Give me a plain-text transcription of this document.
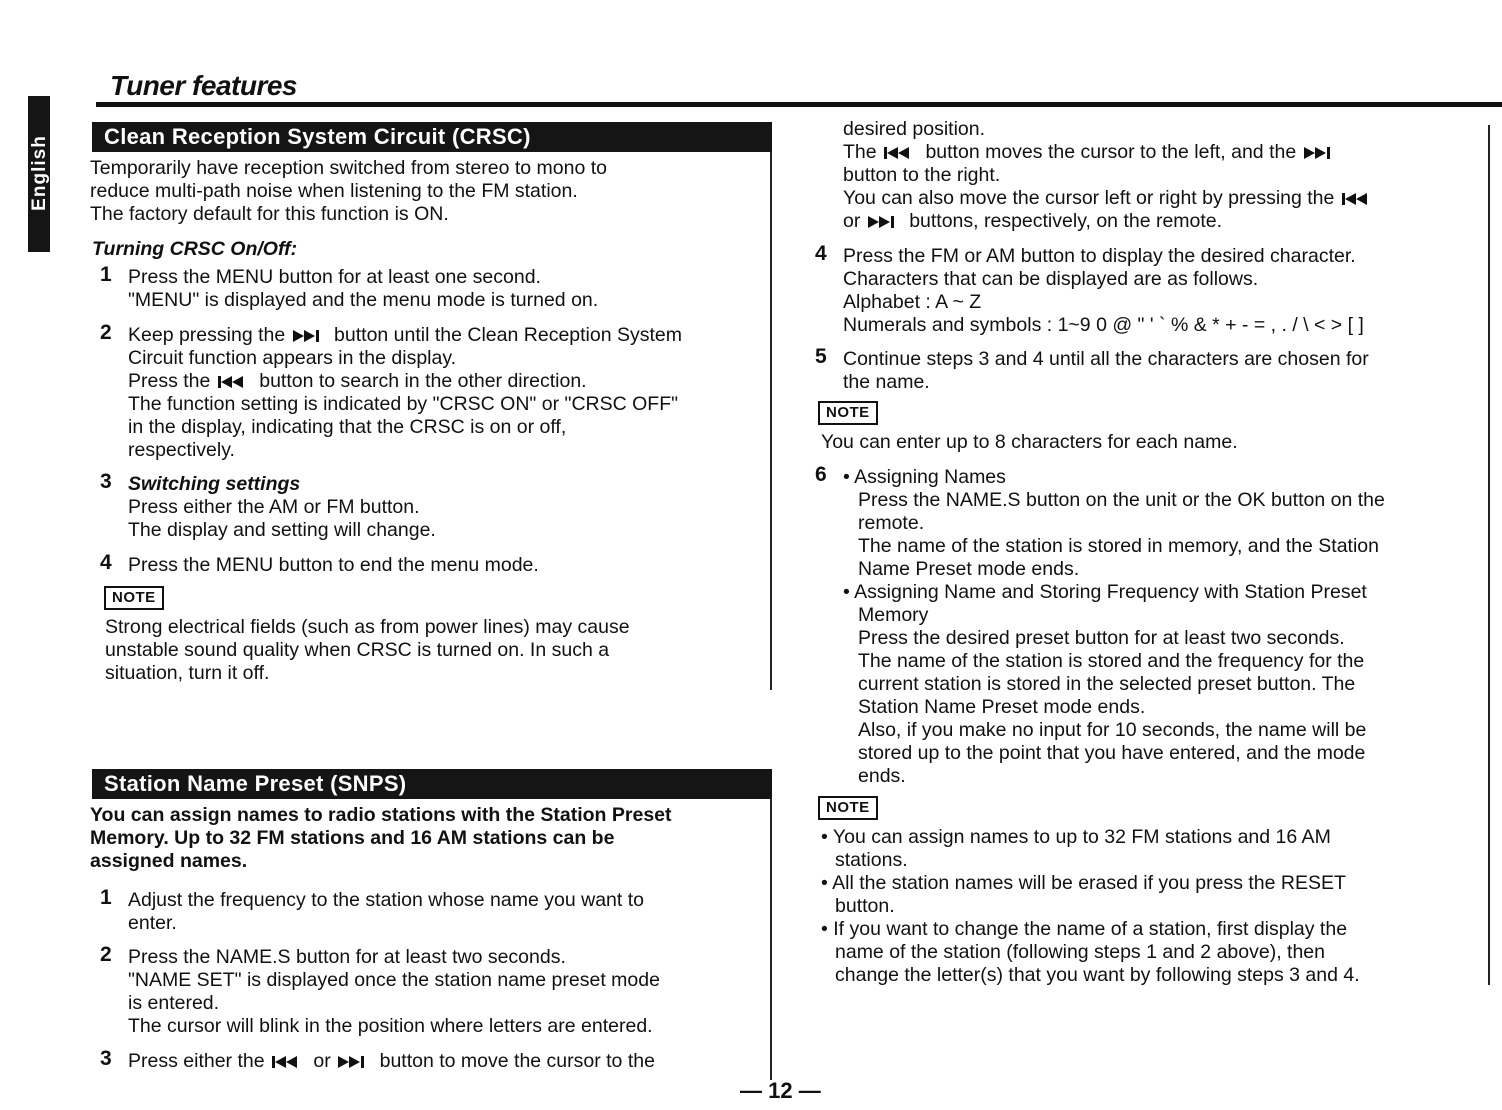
English
Tuner features
Clean Reception System Circuit (CRSC)
Temporarily have reception switched from stereo to mono to
reduce multi-path noise when listening to the FM station.
The factory default for this function is ON.
Turning CRSC On/Off:
1 Press the MENU button for at least one second.
"MENU" is displayed and the menu mode is turned on.
2 Keep pressing the	button until the Clean Reception System
Circuit function appears in the display.
Press the	button to search in the other direction.
The function setting is indicated by "CRSC ON" or "CRSC OFF"
in the display, indicating that the CRSC is on or off,
respectively.
3 Switching settings
Press either the AM or FM button.
The display and setting will change.
4 Press the MENU button to end the menu mode.
NOTE
Strong electrical fields (such as from power lines) may cause
unstable sound quality when CRSC is turned on. In such a
situation, turn it off.
Station Name Preset (SNPS)
You can assign names to radio stations with the Station Preset
Memory. Up to 32 FM stations and 16 AM stations can be
assigned names.
1 Adjust the frequency to the station whose name you want to
enter.
2 Press the NAME.S button for at least two seconds.
"NAME SET" is displayed once the station name preset mode
is entered.
The cursor will blink in the position where letters are entered.
3 Press either the	or	button to move the cursor to the
desired position.
The	button moves the cursor to the left, and the
button to the right.
You can also move the cursor left or right by pressing the
or	buttons, respectively, on the remote.
4 Press the FM or AM button to display the desired character.
Characters that can be displayed are as follows.
Alphabet : A ~ Z
Numerals and symbols : 1~9 0 @ " ' ` % & * + - = , . / \ < > [ ]
5 Continue steps 3 and 4 until all the characters are chosen for
the name.
NOTE
You can enter up to 8 characters for each name.
6 • Assigning Names
Press the NAME.S button on the unit or the OK button on the
remote.
The name of the station is stored in memory, and the Station
Name Preset mode ends.
• Assigning Name and Storing Frequency with Station Preset
Memory
Press the desired preset button for at least two seconds.
The name of the station is stored and the frequency for the
current station is stored in the selected preset button. The
Station Name Preset mode ends.
Also, if you make no input for 10 seconds, the name will be
stored up to the point that you have entered, and the mode
ends.
NOTE
• You can assign names to up to 32 FM stations and 16 AM
stations.
• All the station names will be erased if you press the RESET
button.
• If you want to change the name of a station, first display the
name of the station (following steps 1 and 2 above), then
change the letter(s) that you want by following steps 3 and 4.
— 12 —
